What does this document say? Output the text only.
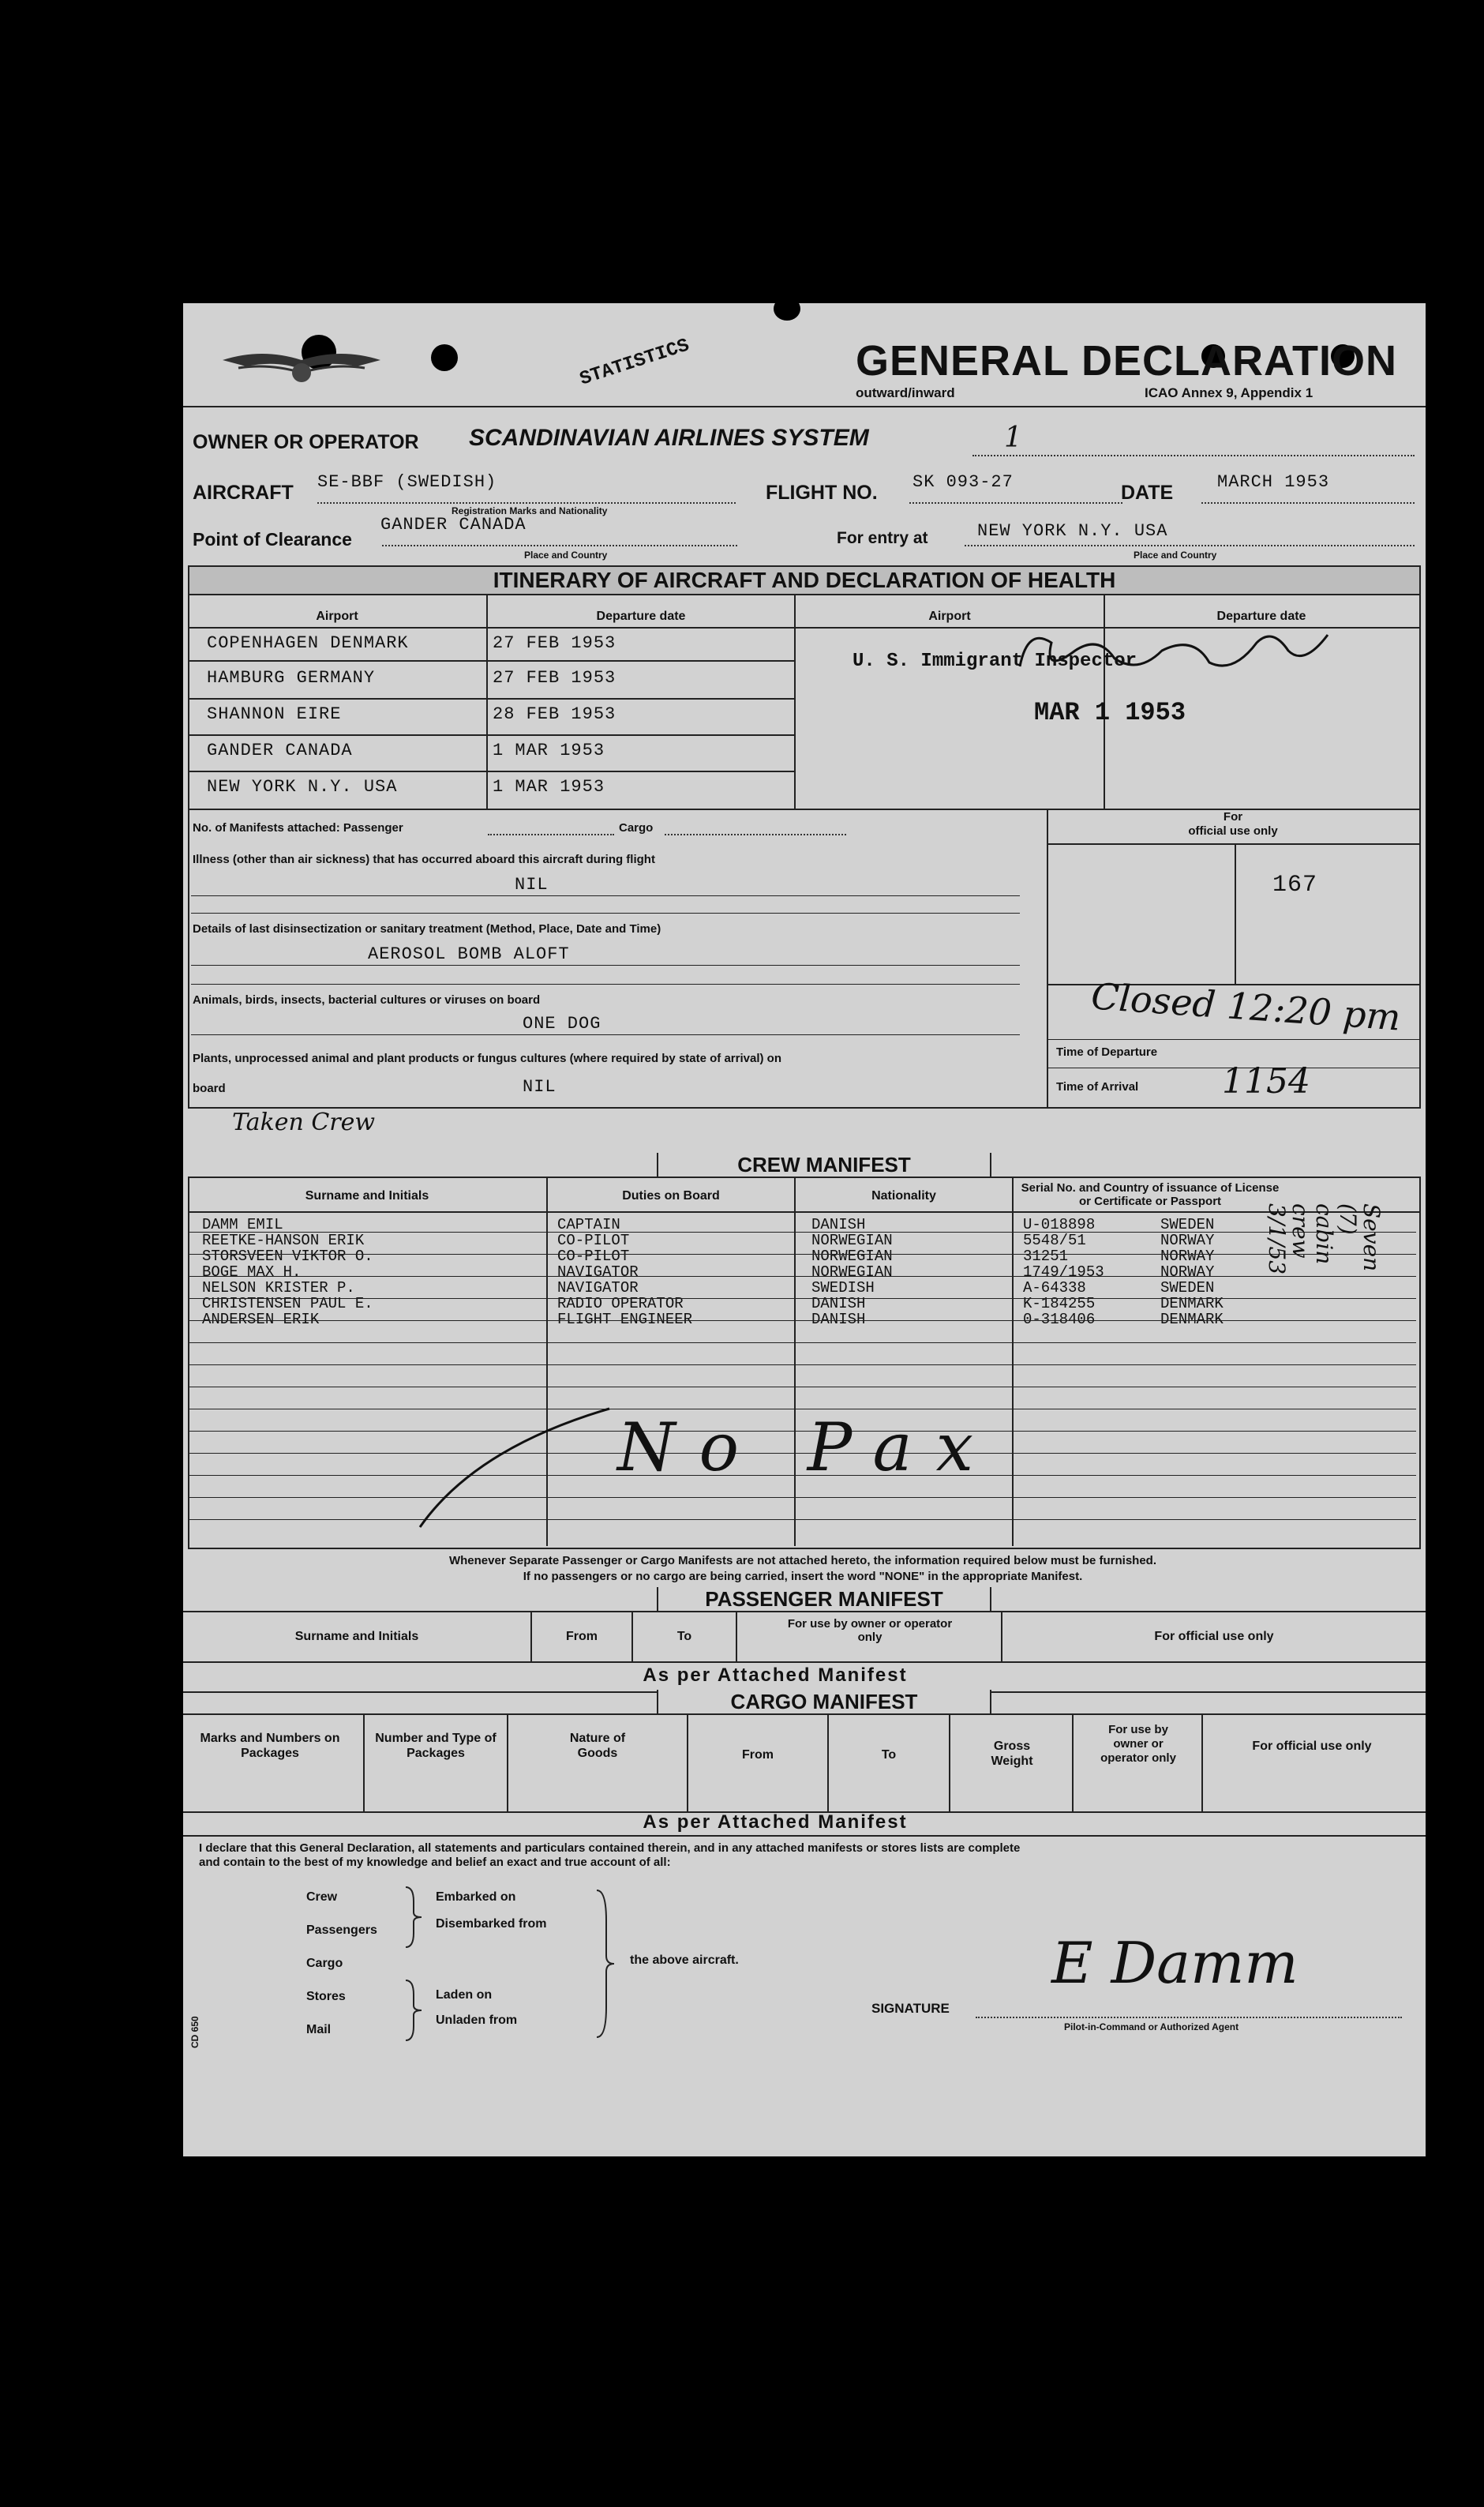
GENERAL DECLARATION
outward/inward	ICAO Annex 9, Appendix 1
STATISTICS
OWNER OR OPERATOR SCANDINAVIAN AIRLINES SYSTEM	1
AIRCRAFT SE-BBF (SWEDISH)
Registration Marks and Nationality
FLIGHT NO. SK 093-27	DATE	MARCH 1953
Point of Clearance
GANDER CANADA
Place and Country
For entry at	NEW YORK N.Y. USA
Place and Country
ITINERARY OF AIRCRAFT AND DECLARATION OF HEALTH
Airport	Departure date	Airport	Departure date
COPENHAGEN DENMARK	27 FEB 1953
HAMBURG GERMANY	27 FEB 1953
SHANNON EIRE	28 FEB 1953
GANDER CANADA	1 MAR 1953
NEW YORK N.Y. USA	1 MAR 1953
U. S. Immigrant Inspector
MAR 1 1953
No. of Manifests attached: Passenger	Cargo
Illness (other than air sickness) that has occurred aboard this aircraft during flight
NIL
Details of last disinsectization or sanitary treatment (Method, Place, Date and Time)
AEROSOL BOMB ALOFT
Animals, birds, insects, bacterial cultures or viruses on board
ONE DOG
Plants, unprocessed animal and plant products or fungus cultures (where required by state of arrival) on
board	NIL
For
official use only
167
Closed 12:20 pm
Time of Departure
Time of Arrival 1154
Taken Crew
CREW MANIFEST
Surname and Initials	Duties on Board	Nationality
Serial No. and Country of issuance of License or Certificate or Passport
DAMM EMIL	CAPTAIN	DANISH	U-018898	SWEDEN
REETKE-HANSON ERIK	CO-PILOT	NORWEGIAN	5548/51	NORWAY
STORSVEEN VIKTOR O.	CO-PILOT	NORWEGIAN	31251	NORWAY
BOGE MAX H.	NAVIGATOR	NORWEGIAN	1749/1953	NORWAY
NELSON KRISTER P.	NAVIGATOR	SWEDISH	A-64338	SWEDEN
CHRISTENSEN PAUL E.	RADIO OPERATOR	DANISH	K-184255	DENMARK
ANDERSEN ERIK	FLIGHT ENGINEER	DANISH	0-318406	DENMARK
No Pax
Seven (7) cabin crew 3/1/53
Whenever Separate Passenger or Cargo Manifests are not attached hereto, the information required below must be furnished.
If no passengers or no cargo are being carried, insert the word "NONE" in the appropriate Manifest.
PASSENGER MANIFEST
Surname and Initials	From	To
For use by owner or operator only	For official use only
As per Attached Manifest
CARGO MANIFEST
Marks and Numbers on Packages
Number and Type of Packages
Nature of Goods	From	To
Gross Weight
For use by owner or operator only
For official use only
As per Attached Manifest
I declare that this General Declaration, all statements and particulars contained therein, and in any attached manifests or stores lists are complete
and contain to the best of my knowledge and belief an exact and true account of all:
Crew
Passengers
Cargo
Stores
Mail
Embarked on
Disembarked from
Laden on
Unladen from
the above aircraft.
SIGNATURE
E Damm
Pilot-in-Command or Authorized Agent
CD 650
